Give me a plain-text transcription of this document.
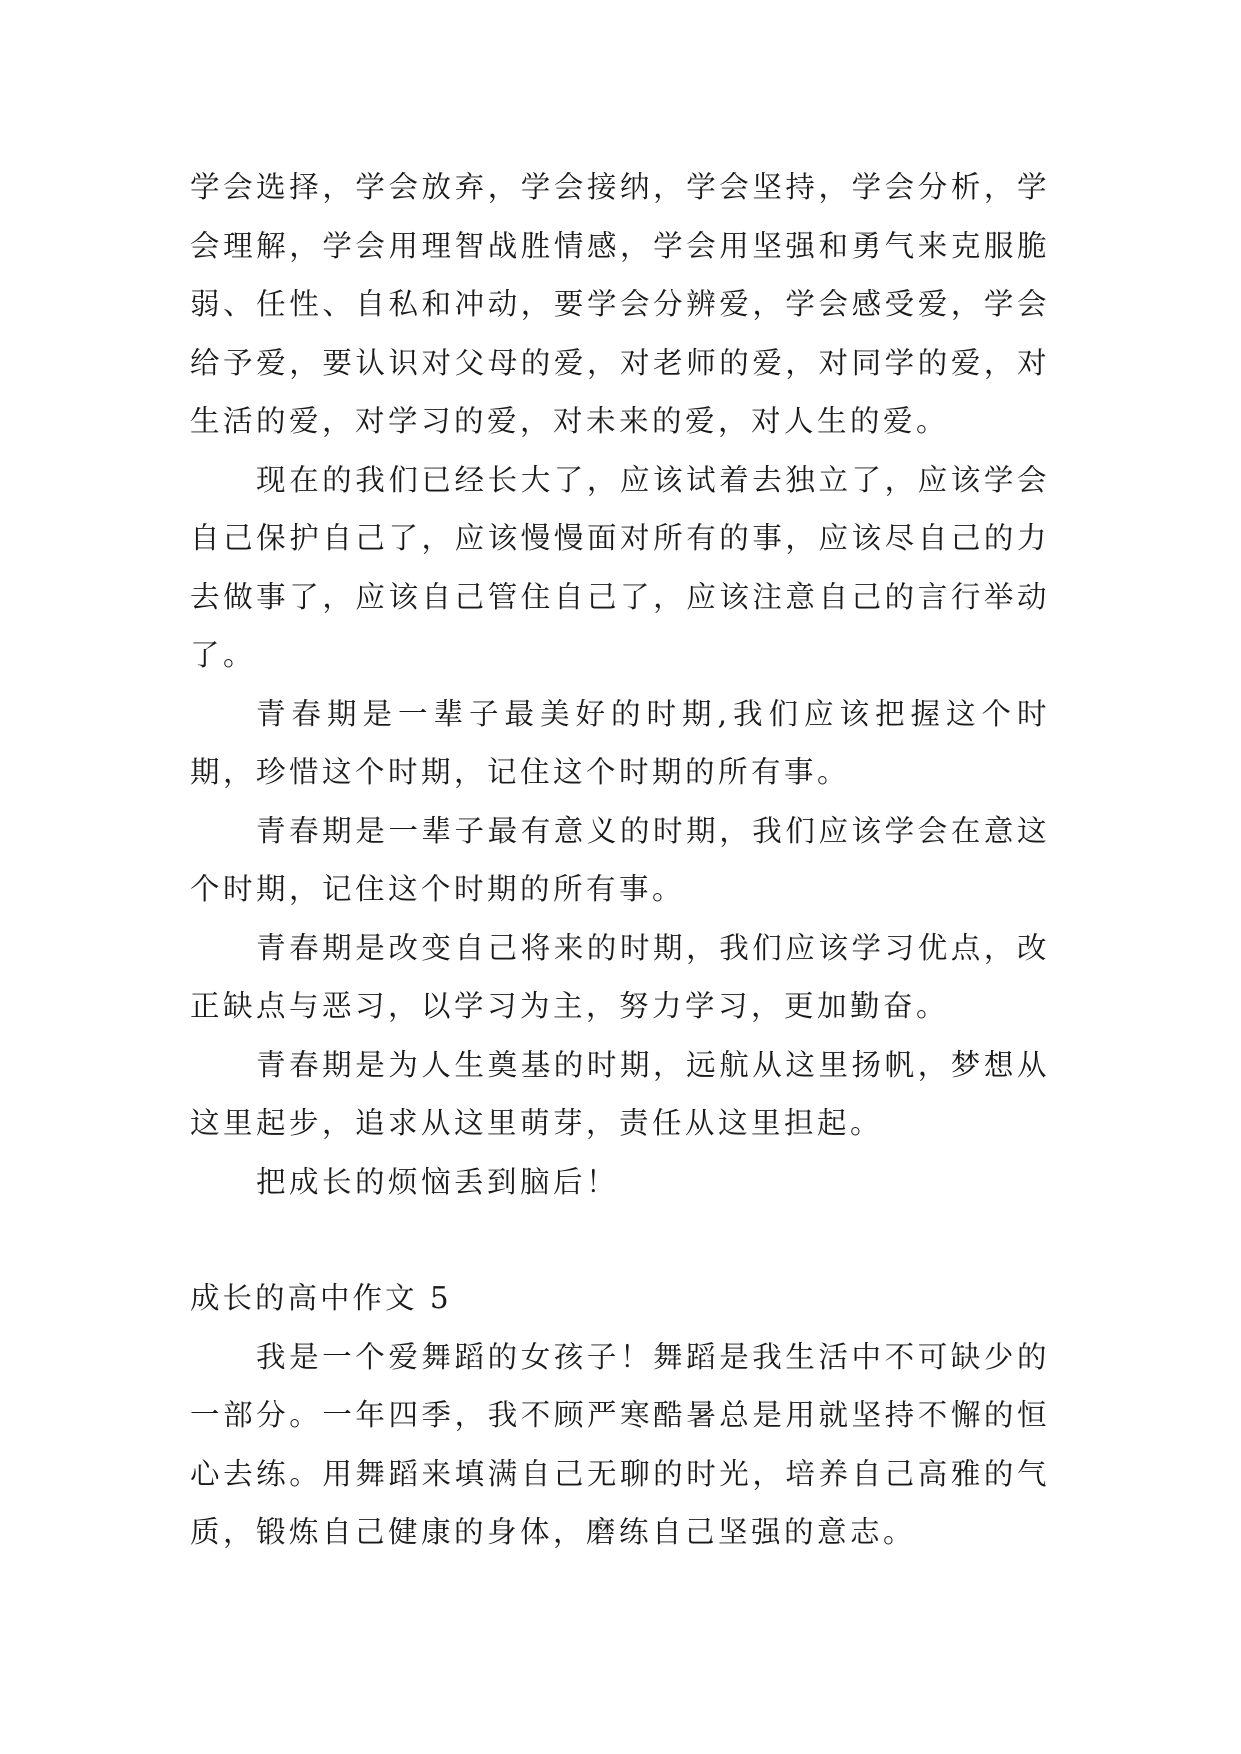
学会选择，学会放弃，学会接纳，学会坚持，学会分析，学会理解，学会用理智战胜情感，学会用坚强和勇气来克服脆弱、任性、自私和冲动，要学会分辨爱，学会感受爱，学会给予爱，要认识对父母的爱，对老师的爱，对同学的爱，对生活的爱，对学习的爱，对未来的爱，对人生的爱。

现在的我们已经长大了，应该试着去独立了，应该学会自己保护自己了，应该慢慢面对所有的事，应该尽自己的力去做事了，应该自己管住自己了，应该注意自己的言行举动了。

青春期是一辈子最美好的时期,我们应该把握这个时期，珍惜这个时期，记住这个时期的所有事。

青春期是一辈子最有意义的时期，我们应该学会在意这个时期，记住这个时期的所有事。

青春期是改变自己将来的时期，我们应该学习优点，改正缺点与恶习，以学习为主，努力学习，更加勤奋。

青春期是为人生奠基的时期，远航从这里扬帆，梦想从这里起步，追求从这里萌芽，责任从这里担起。

把成长的烦恼丢到脑后！

成长的高中作文 5

我是一个爱舞蹈的女孩子！舞蹈是我生活中不可缺少的一部分。一年四季，我不顾严寒酷暑总是用就坚持不懈的恒心去练。用舞蹈来填满自己无聊的时光，培养自己高雅的气质，锻炼自己健康的身体，磨练自己坚强的意志。
